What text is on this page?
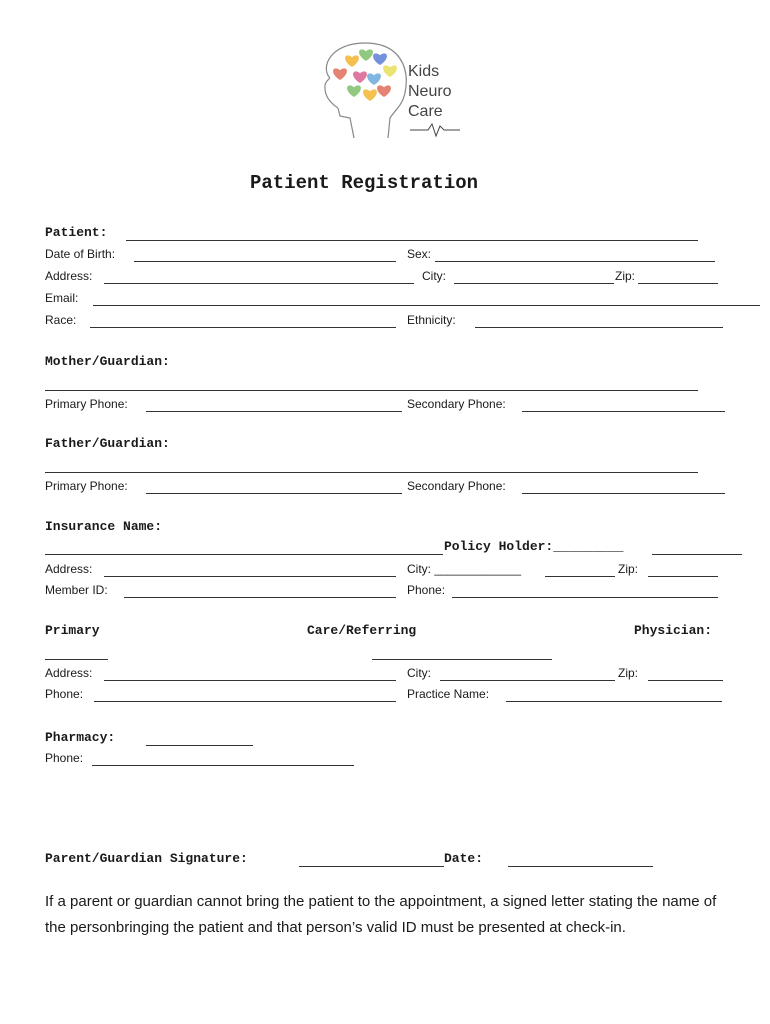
Kids
Neuro
Care
Patient Registration
Patient:
Date of Birth:	Sex:
Address:	City:	Zip:
Email:
Race:	Ethnicity:
Mother/Guardian:
Primary Phone:	Secondary Phone:
Father/Guardian:
Primary Phone:	Secondary Phone:
Insurance Name:
Policy Holder:_________
Address:	City: _____________	Zip:
Member ID:	Phone:
Primary	Care/Referring	Physician:
Address:	City:	Zip:
Phone:	Practice Name:
Pharmacy:
Phone:
Parent/Guardian Signature:	Date:
If a parent or guardian cannot bring the patient to the appointment, a signed letter stating the name of the personbringing the patient and that person’s valid ID must be presented at check-in.
